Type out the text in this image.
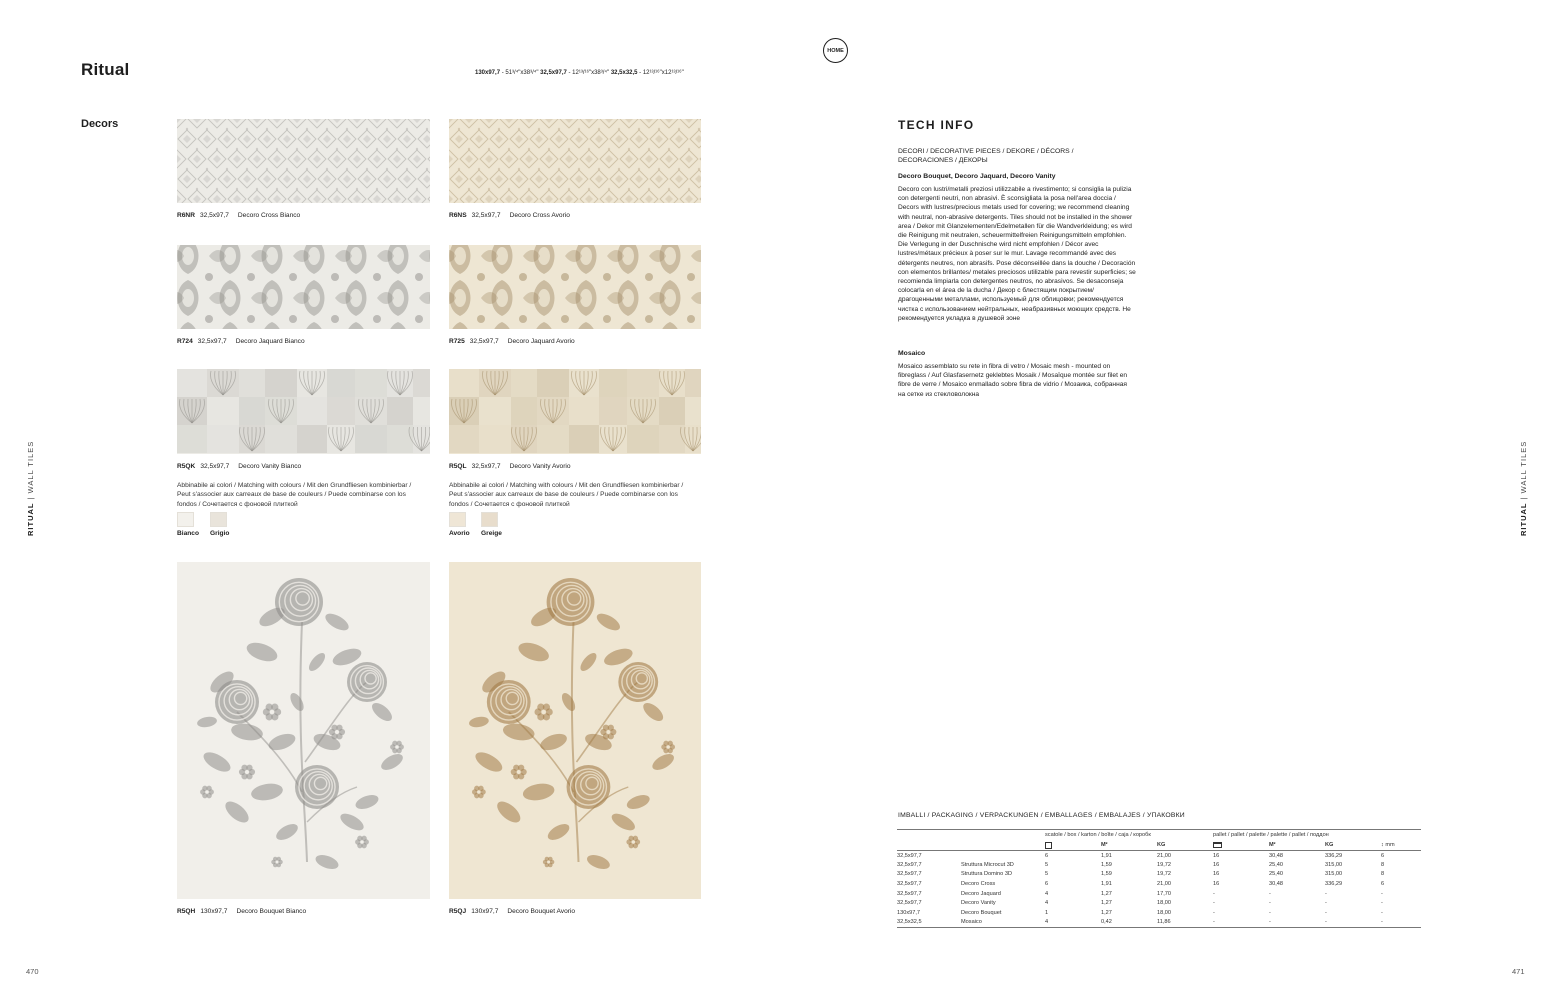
Ritual	130x97,7 - 51³/⁴"x38³/⁴" 32,5x97,7 - 12¹³/¹⁶"x38³/⁴" 32,5x32,5 - 12¹³/¹⁶"x12¹³/¹⁶"
HOME
Decors
R6NR 32,5x97,7 Decoro Cross Bianco	R6NS 32,5x97,7 Decoro Cross Avorio
R724 32,5x97,7 Decoro Jaquard Bianco	R725 32,5x97,7 Decoro Jaquard Avorio
R5QK 32,5x97,7 Decoro Vanity Bianco	R5QL 32,5x97,7 Decoro Vanity Avorio
R5QH 130x97,7 Decoro Bouquet Bianco	R5QJ 130x97,7 Decoro Bouquet Avorio
Abbinabile ai colori / Matching with colours / Mit den Grundfliesen kombinierbar / Peut s'associer aux carreaux de base de couleurs / Puede combinarse con los fondos / Сочетается с фоновой плиткой
Abbinabile ai colori / Matching with colours / Mit den Grundfliesen kombinierbar / Peut s'associer aux carreaux de base de couleurs / Puede combinarse con los fondos / Сочетается с фоновой плиткой
Bianco Grigio	Avorio Greige
RITUAL | WALL TILES
RITUAL | WALL TILES
470	471
TECH INFO
DECORI / DECORATIVE PIECES / DEKORE / DÉCORS / DECORACIONES / ДЕКОРЫ
Decoro Bouquet, Decoro Jaquard, Decoro Vanity
Decoro con lustri/metalli preziosi utilizzabile a rivestimento; si consiglia la pulizia con detergenti neutri, non abrasivi. È sconsigliata la posa nell'area doccia / Decors with lustres/precious metals used for covering; we recommend cleaning with neutral, non-abrasive detergents. Tiles should not be installed in the shower area / Dekor mit Glanzelementen/Edelmetallen für die Wandverkleidung; es wird die Reinigung mit neutralen, scheuermittelfreien Reinigungsmitteln empfohlen. Die Verlegung in der Duschnische wird nicht empfohlen / Décor avec lustres/métaux précieux à poser sur le mur. Lavage recommandé avec des détergents neutres, non abrasifs. Pose déconseillée dans la douche / Decoración con elementos brillantes/ metales preciosos utilizable para revestir superficies; se recomienda limpiarla con detergentes neutros, no abrasivos. Se desaconseja colocarla en el área de la ducha / Декор с блестящим покрытием/ драгоценными металлами, используемый для облицовки; рекомендуется чистка с использованием нейтральных, неабразивных моющих средств. Не рекомендуется укладка в душевой зоне
Mosaico
Mosaico assemblato su rete in fibra di vetro / Mosaic mesh - mounted on fibreglass / Auf Glasfasernetz geklebtes Mosaik / Mosaïque montée sur filet en fibre de verre / Mosaico enmallado sobre fibra de vidrio / Мозаика, собранная на сетке из стекловолокна
IMBALLI / PACKAGING / VERPACKUNGEN / EMBALLAGES / EMBALAJES / УПАКОВКИ
		scatole / box / karton / boîte / caja / коробк			pallet / pallet / palette / palette / pallet / поддон			
			M²	KG		M²	KG	↕ mm
32,5x97,7		6	1,91	21,00	16	30,48	336,29	6
32,5x97,7	Struttura Microcut 3D	5	1,59	19,72	16	25,40	315,00	8
32,5x97,7	Struttura Domino 3D	5	1,59	19,72	16	25,40	315,00	8
32,5x97,7	Decoro Cross	6	1,91	21,00	16	30,48	336,29	6
32,5x97,7	Decoro Jaquard	4	1,27	17,70	-	-	-	-
32,5x97,7	Decoro Vanity	4	1,27	18,00	-	-	-	-
130x97,7	Decoro Bouquet	1	1,27	18,00	-	-	-	-
32,5x32,5	Mosaico	4	0,42	11,86	-	-	-	-
